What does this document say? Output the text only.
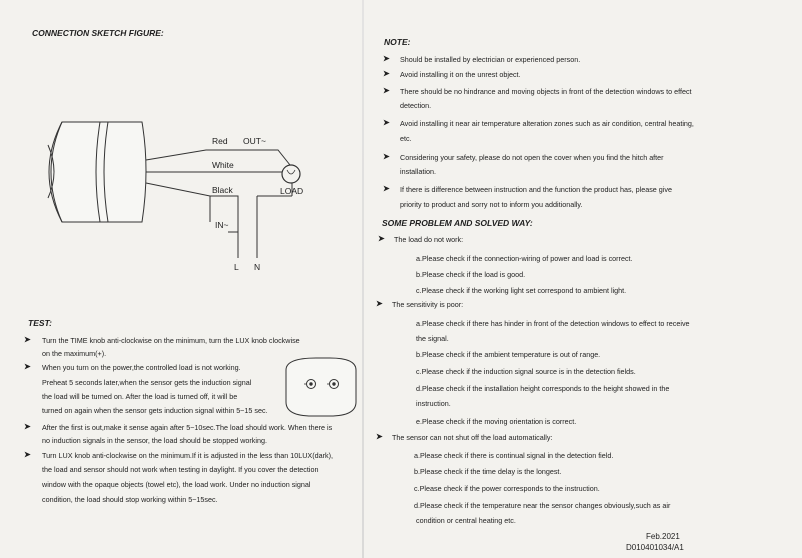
CONNECTION SKETCH FIGURE:
Red OUT~
White
Black	LOAD
IN~
L N
TEST:
➤ Turn the TIME knob anti-clockwise on the minimum, turn the LUX knob clockwise
on the maximum(+).
➤ When you turn on the power,the controlled load is not working.
Preheat 5 seconds later,when the sensor gets the induction signal
the load will be turned on. After the load is turned off, it will be
turned on again when the sensor gets induction signal within 5~15 sec.
➤ After the first is out,make it sense again after 5~10sec.The load should work. When there is
no induction signals in the sensor, the load should be stopped working.
➤ Turn LUX knob anti-clockwise on the minimum.If it is adjusted in the less than 10LUX(dark),
the load and sensor should not work when testing in daylight. If you cover the detection
window with the opaque objects (towel etc), the load work. Under no induction signal
condition, the load should stop working within 5~15sec.
NOTE:
➤ Should be installed by electrician or experienced person.
➤ Avoid installing it on the unrest object.
➤ There should be no hindrance and moving objects in front of the detection windows to effect
detection.
➤ Avoid installing it near air temperature alteration zones such as air condition, central heating,
etc.
➤ Considering your safety, please do not open the cover when you find the hitch after
installation.
➤ If there is difference between instruction and the function the product has, please give
priority to product and sorry not to inform you additionally.
SOME PROBLEM AND SOLVED WAY:
➤ The load do not work:
a.Please check if the connection-wiring of power and load is correct.
b.Please check if the load is good.
c.Please check if the working light set correspond to ambient light.
➤ The sensitivity is poor:
a.Please check if there has hinder in front of the detection windows to effect to receive
the signal.
b.Please check if the ambient temperature is out of range.
c.Please check if the induction signal source is in the detection fields.
d.Please check if the installation height corresponds to the height showed in the
instruction.
e.Please check if the moving orientation is correct.
➤ The sensor can not shut off the load automatically:
a.Please check if there is continual signal in the detection field.
b.Please check if the time delay is the longest.
c.Please check if the power corresponds to the instruction.
d.Please check if the temperature near the sensor changes obviously,such as air
condition or central heating etc.
Feb.2021
D010401034/A1
